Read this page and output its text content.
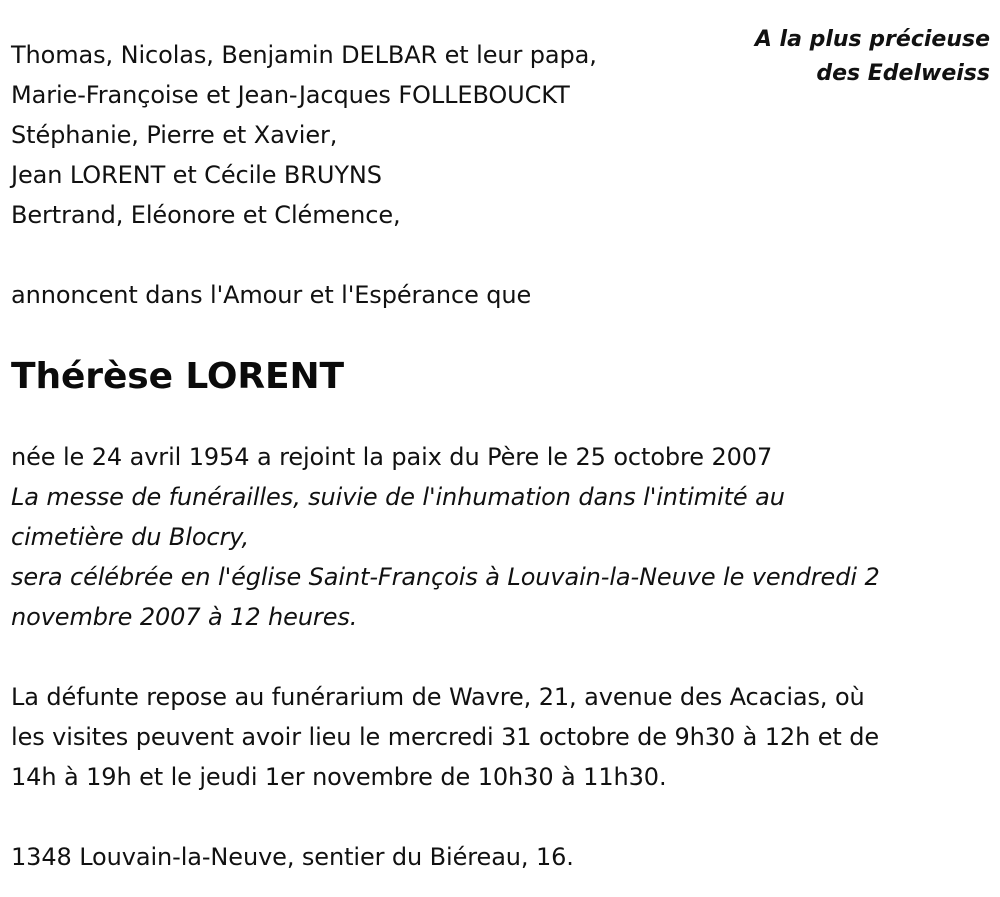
A la plus précieuse
des Edelweiss
Thomas, Nicolas, Benjamin DELBAR et leur papa,
Marie-Françoise et Jean-Jacques FOLLEBOUCKT
Stéphanie, Pierre et Xavier,
Jean LORENT et Cécile BRUYNS
Bertrand, Eléonore et Clémence,
annoncent dans l'Amour et l'Espérance que
Thérèse LORENT
née le 24 avril 1954 a rejoint la paix du Père le 25 octobre 2007
La messe de funérailles, suivie de l'inhumation dans l'intimité au
cimetière du Blocry,
sera célébrée en l'église Saint-François à Louvain-la-Neuve le vendredi 2
novembre 2007 à 12 heures.
La défunte repose au funérarium de Wavre, 21, avenue des Acacias, où
les visites peuvent avoir lieu le mercredi 31 octobre de 9h30 à 12h et de
14h à 19h et le jeudi 1er novembre de 10h30 à 11h30.
1348 Louvain-la-Neuve, sentier du Biéreau, 16.
